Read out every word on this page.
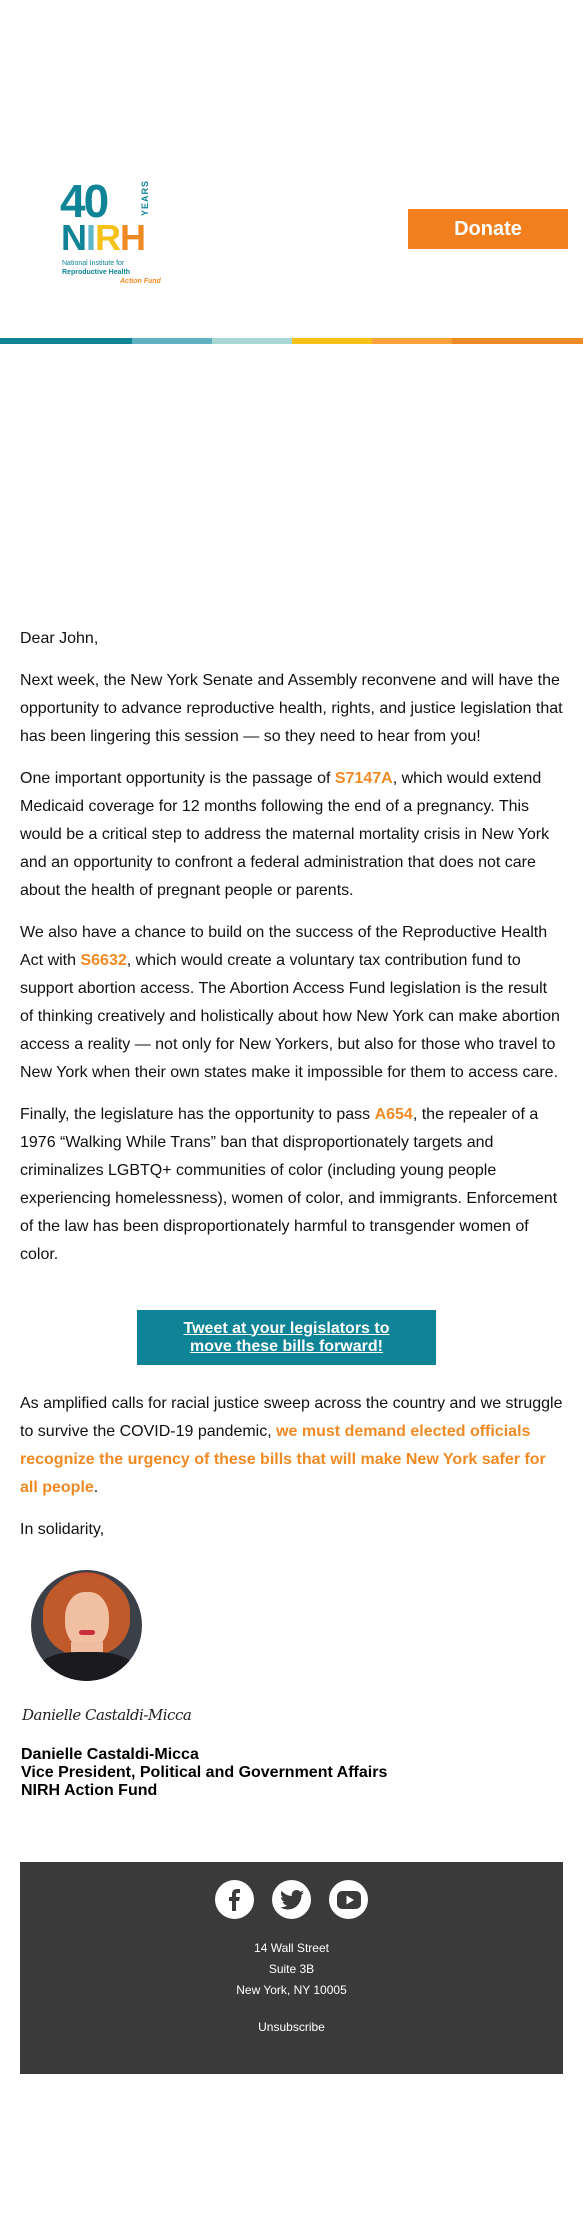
40	YEARS
NIRH
National Institute for
Reproductive Health
Action Fund
Donate

Dear John,

Next week, the New York Senate and Assembly reconvene and will have the opportunity to advance reproductive health, rights, and justice legislation that has been lingering this session — so they need to hear from you!

One important opportunity is the passage of S7147A, which would extend Medicaid coverage for 12 months following the end of a pregnancy. This would be a critical step to address the maternal mortality crisis in New York and an opportunity to confront a federal administration that does not care about the health of pregnant people or parents.

We also have a chance to build on the success of the Reproductive Health Act with S6632, which would create a voluntary tax contribution fund to support abortion access. The Abortion Access Fund legislation is the result of thinking creatively and holistically about how New York can make abortion access a reality — not only for New Yorkers, but also for those who travel to New York when their own states make it impossible for them to access care.

Finally, the legislature has the opportunity to pass A654, the repealer of a 1976 “Walking While Trans” ban that disproportionately targets and criminalizes LGBTQ+ communities of color (including young people experiencing homelessness), women of color, and immigrants. Enforcement of the law has been disproportionately harmful to transgender women of color.

Tweet at your legislators to move these bills forward!

As amplified calls for racial justice sweep across the country and we struggle to survive the COVID-19 pandemic, we must demand elected officials recognize the urgency of these bills that will make New York safer for all people.

In solidarity,

Danielle Castaldi-Micca
Danielle Castaldi-Micca
Vice President, Political and Government Affairs
NIRH Action Fund
14 Wall Street
Suite 3B
New York, NY 10005
Unsubscribe
